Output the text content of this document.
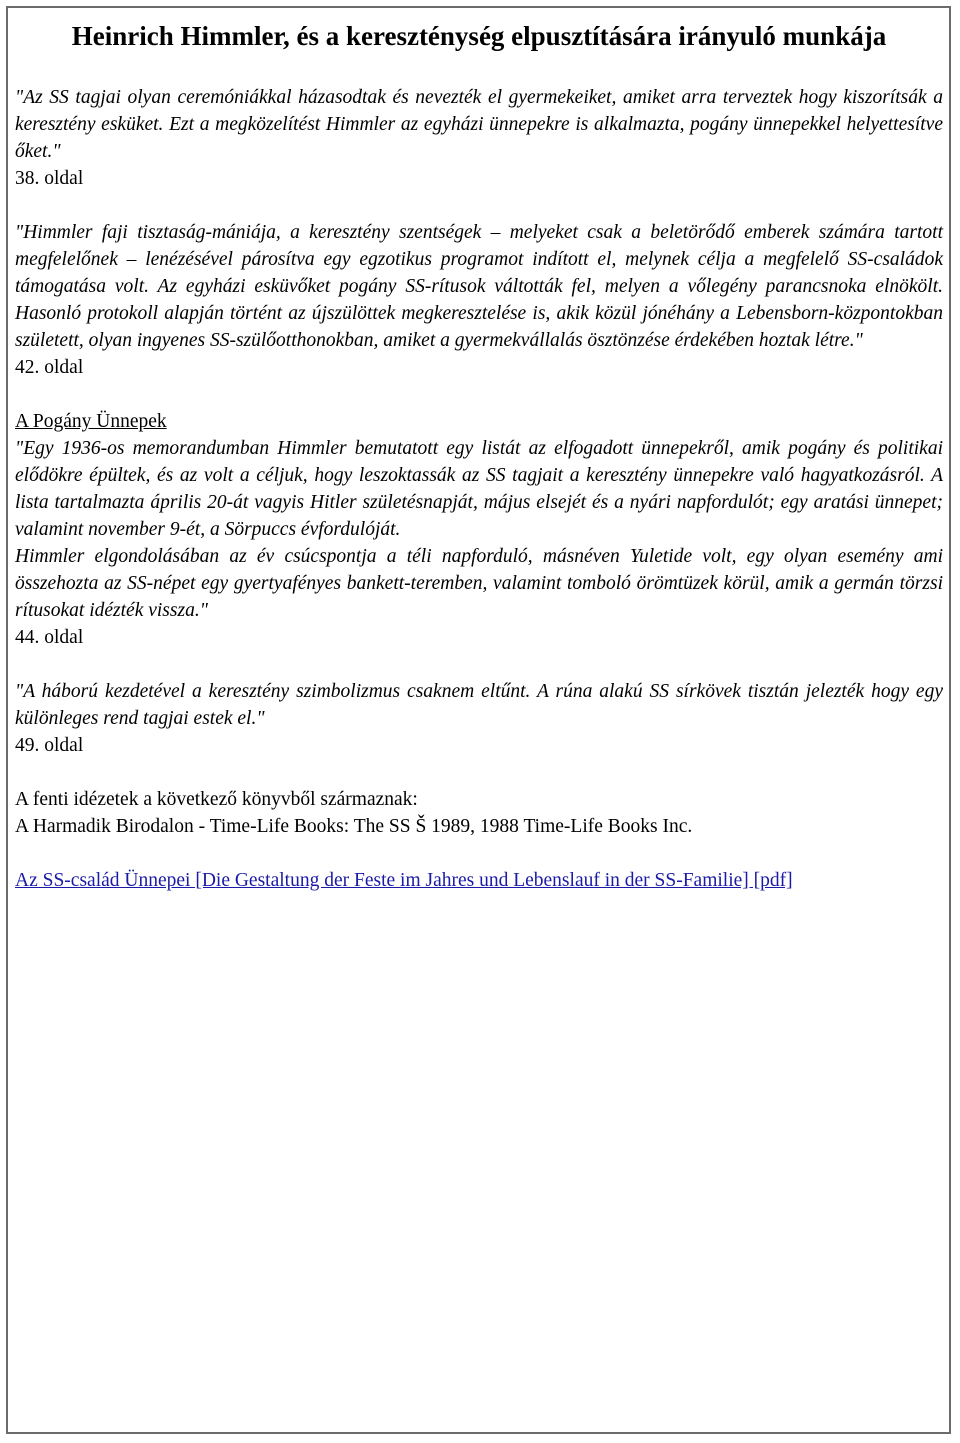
Heinrich Himmler, és a kereszténység elpusztítására irányuló munkája

"Az SS tagjai olyan ceremóniákkal házasodtak és nevezték el gyermekeiket, amiket arra terveztek hogy kiszorítsák a keresztény esküket. Ezt a megközelítést Himmler az egyházi ünnepekre is alkalmazta, pogány ünnepekkel helyettesítve őket."

38. oldal

"Himmler faji tisztaság-mániája, a keresztény szentségek – melyeket csak a beletörődő emberek számára tartott megfelelőnek – lenézésével párosítva egy egzotikus programot indított el, melynek célja a megfelelő SS-családok támogatása volt. Az egyházi esküvőket pogány SS-rítusok váltották fel, melyen a vőlegény parancsnoka elnökölt. Hasonló protokoll alapján történt az újszülöttek megkeresztelése is, akik közül jónéhány a Lebensborn-központokban született, olyan ingyenes SS-szülőotthonokban, amiket a gyermekvállalás ösztönzése érdekében hoztak létre."

42. oldal
A Pogány Ünnepek

"Egy 1936-os memorandumban Himmler bemutatott egy listát az elfogadott ünnepekről, amik pogány és politikai elődökre épültek, és az volt a céljuk, hogy leszoktassák az SS tagjait a keresztény ünnepekre való hagyatkozásról. A lista tartalmazta április 20-át vagyis Hitler születésnapját, május elsejét és a nyári napfordulót; egy aratási ünnepet; valamint november 9-ét, a Sörpuccs évfordulóját.

Himmler elgondolásában az év csúcspontja a téli napforduló, másnéven Yuletide volt, egy olyan esemény ami összehozta az SS-népet egy gyertyafényes bankett-teremben, valamint tomboló örömtüzek körül, amik a germán törzsi rítusokat idézték vissza."

44. oldal

"A háború kezdetével a keresztény szimbolizmus csaknem eltűnt. A rúna alakú SS sírkövek tisztán jelezték hogy egy különleges rend tagjai estek el."

49. oldal
A fenti idézetek a következő könyvből származnak:
A Harmadik Birodalon - Time-Life Books: The SS Š 1989, 1988 Time-Life Books Inc.

Az SS-család Ünnepei [Die Gestaltung der Feste im Jahres und Lebenslauf in der SS-Familie] [pdf]
